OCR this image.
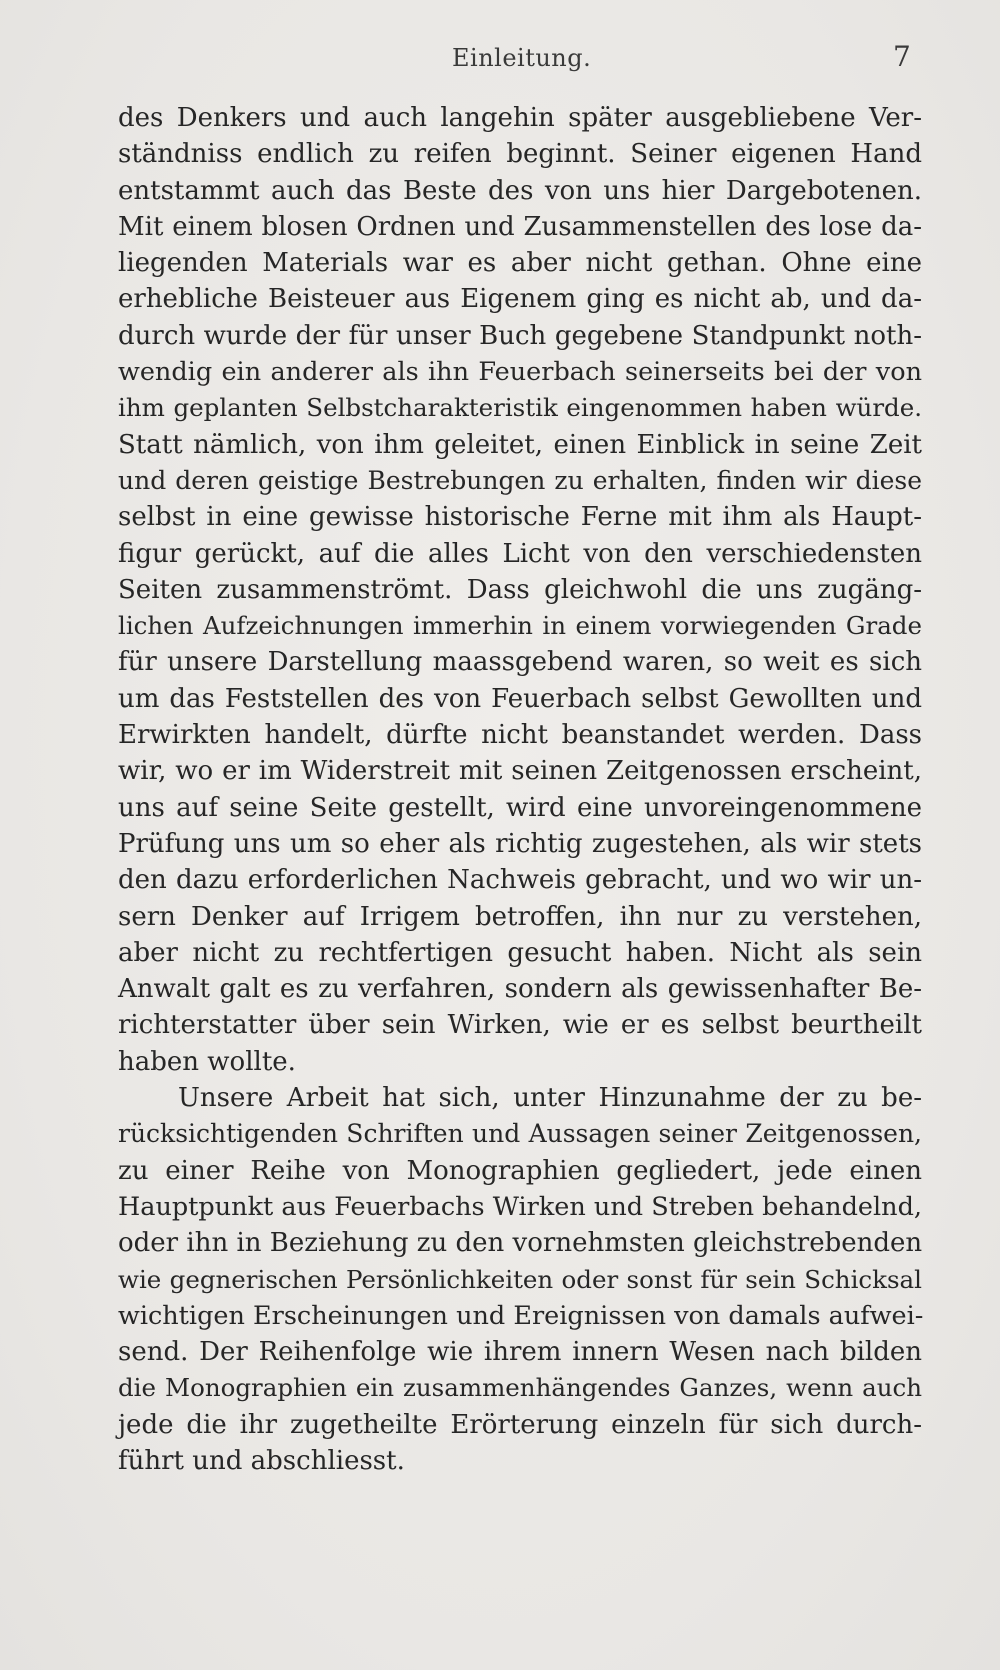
Einleitung.	7
des Denkers und auch langehin später ausgebliebene Ver-
ständniss endlich zu reifen beginnt. Seiner eigenen Hand
entstammt auch das Beste des von uns hier Dargebotenen.
Mit einem blosen Ordnen und Zusammenstellen des lose da-
liegenden Materials war es aber nicht gethan. Ohne eine
erhebliche Beisteuer aus Eigenem ging es nicht ab, und da-
durch wurde der für unser Buch gegebene Standpunkt noth-
wendig ein anderer als ihn Feuerbach seinerseits bei der von
ihm geplanten Selbstcharakteristik eingenommen haben würde.
Statt nämlich, von ihm geleitet, einen Einblick in seine Zeit
und deren geistige Bestrebungen zu erhalten, finden wir diese
selbst in eine gewisse historische Ferne mit ihm als Haupt-
figur gerückt, auf die alles Licht von den verschiedensten
Seiten zusammenströmt. Dass gleichwohl die uns zugäng-
lichen Aufzeichnungen immerhin in einem vorwiegenden Grade
für unsere Darstellung maassgebend waren, so weit es sich
um das Feststellen des von Feuerbach selbst Gewollten und
Erwirkten handelt, dürfte nicht beanstandet werden. Dass
wir, wo er im Widerstreit mit seinen Zeitgenossen erscheint,
uns auf seine Seite gestellt, wird eine unvoreingenommene
Prüfung uns um so eher als richtig zugestehen, als wir stets
den dazu erforderlichen Nachweis gebracht, und wo wir un-
sern Denker auf Irrigem betroffen, ihn nur zu verstehen,
aber nicht zu rechtfertigen gesucht haben. Nicht als sein
Anwalt galt es zu verfahren, sondern als gewissenhafter Be-
richterstatter über sein Wirken, wie er es selbst beurtheilt
haben wollte.
Unsere Arbeit hat sich, unter Hinzunahme der zu be-
rücksichtigenden Schriften und Aussagen seiner Zeitgenossen,
zu einer Reihe von Monographien gegliedert, jede einen
Hauptpunkt aus Feuerbachs Wirken und Streben behandelnd,
oder ihn in Beziehung zu den vornehmsten gleichstrebenden
wie gegnerischen Persönlichkeiten oder sonst für sein Schicksal
wichtigen Erscheinungen und Ereignissen von damals aufwei-
send. Der Reihenfolge wie ihrem innern Wesen nach bilden
die Monographien ein zusammenhängendes Ganzes, wenn auch
jede die ihr zugetheilte Erörterung einzeln für sich durch-
führt und abschliesst.
